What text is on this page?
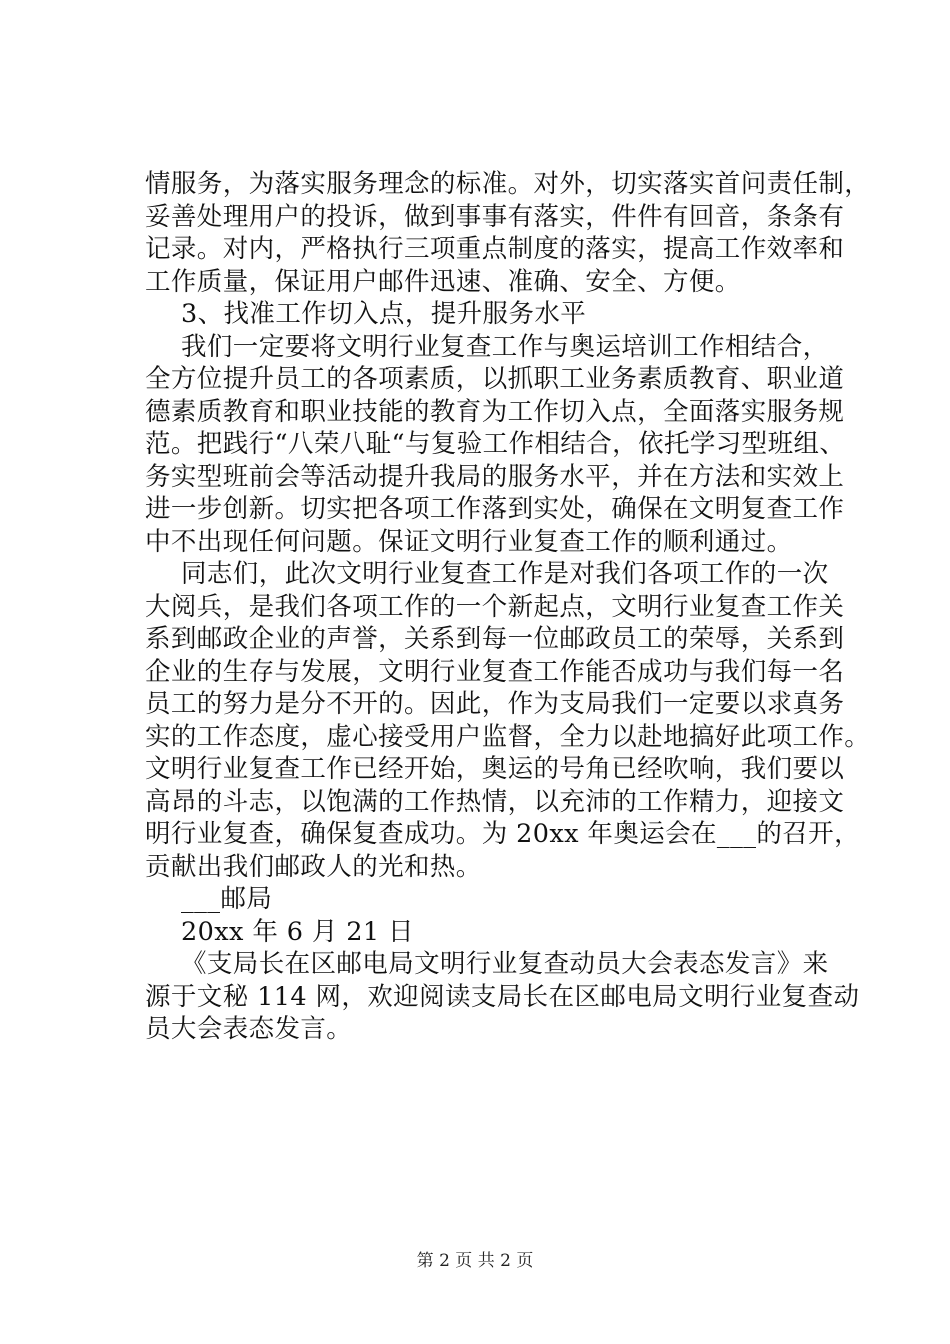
情服务，为落实服务理念的标准。对外，切实落实首问责任制，
妥善处理用户的投诉，做到事事有落实，件件有回音，条条有
记录。对内，严格执行三项重点制度的落实，提高工作效率和
工作质量，保证用户邮件迅速、准确、安全、方便。
3、找准工作切入点，提升服务水平
我们一定要将文明行业复查工作与奥运培训工作相结合，
全方位提升员工的各项素质，以抓职工业务素质教育、职业道
德素质教育和职业技能的教育为工作切入点，全面落实服务规
范。把践行“八荣八耻“与复验工作相结合，依托学习型班组、
务实型班前会等活动提升我局的服务水平，并在方法和实效上
进一步创新。切实把各项工作落到实处，确保在文明复查工作
中不出现任何问题。保证文明行业复查工作的顺利通过。
同志们，此次文明行业复查工作是对我们各项工作的一次
大阅兵，是我们各项工作的一个新起点，文明行业复查工作关
系到邮政企业的声誉，关系到每一位邮政员工的荣辱，关系到
企业的生存与发展，文明行业复查工作能否成功与我们每一名
员工的努力是分不开的。因此，作为支局我们一定要以求真务
实的工作态度，虚心接受用户监督，全力以赴地搞好此项工作。
文明行业复查工作已经开始，奥运的号角已经吹响，我们要以
高昂的斗志，以饱满的工作热情，以充沛的工作精力，迎接文
明行业复查，确保复查成功。为 20xx 年奥运会在___的召开，
贡献出我们邮政人的光和热。
___邮局
20xx 年 6 月 21 日
《支局长在区邮电局文明行业复查动员大会表态发言》来
源于文秘 114 网，欢迎阅读支局长在区邮电局文明行业复查动
员大会表态发言。
第 2 页 共 2 页
